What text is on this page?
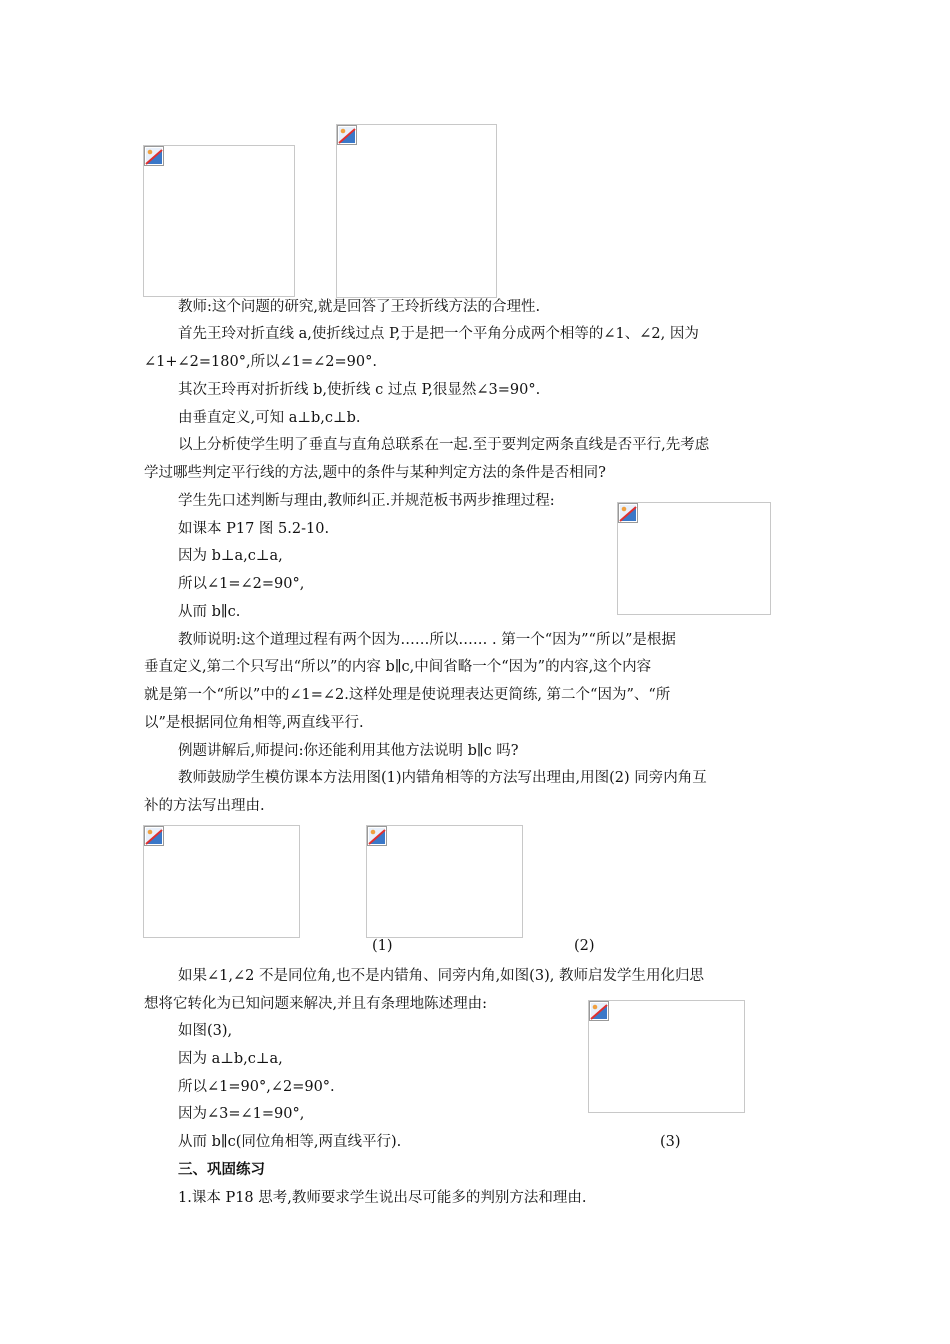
教师:这个问题的研究,就是回答了王玲折线方法的合理性.
首先王玲对折直线 a,使折线过点 P,于是把一个平角分成两个相等的∠1、∠2, 因为
∠1+∠2=180°,所以∠1=∠2=90°.
其次王玲再对折折线 b,使折线 c 过点 P,很显然∠3=90°.
由垂直定义,可知 a⊥b,c⊥b.
以上分析使学生明了垂直与直角总联系在一起.至于要判定两条直线是否平行,先考虑
学过哪些判定平行线的方法,题中的条件与某种判定方法的条件是否相同?
学生先口述判断与理由,教师纠正.并规范板书两步推理过程:
如课本 P17 图 5.2-10.
因为 b⊥a,c⊥a,
所以∠1=∠2=90°,
从而 b∥c.
教师说明:这个道理过程有两个因为……所以…… . 第一个“因为”“所以”是根据
垂直定义,第二个只写出“所以”的内容 b∥c,中间省略一个“因为”的内容,这个内容
就是第一个“所以”中的∠1=∠2.这样处理是使说理表达更简练, 第二个“因为”、“所
以”是根据同位角相等,两直线平行.
例题讲解后,师提问:你还能利用其他方法说明 b∥c 吗?
教师鼓励学生模仿课本方法用图(1)内错角相等的方法写出理由,用图(2) 同旁内角互
补的方法写出理由.
(1)	(2)
如果∠1,∠2 不是同位角,也不是内错角、同旁内角,如图(3), 教师启发学生用化归思
想将它转化为已知问题来解决,并且有条理地陈述理由:
如图(3),
因为 a⊥b,c⊥a,
所以∠1=90°,∠2=90°.
因为∠3=∠1=90°,
从而 b∥c(同位角相等,两直线平行).	(3)
三、巩固练习
1.课本 P18 思考,教师要求学生说出尽可能多的判别方法和理由.
